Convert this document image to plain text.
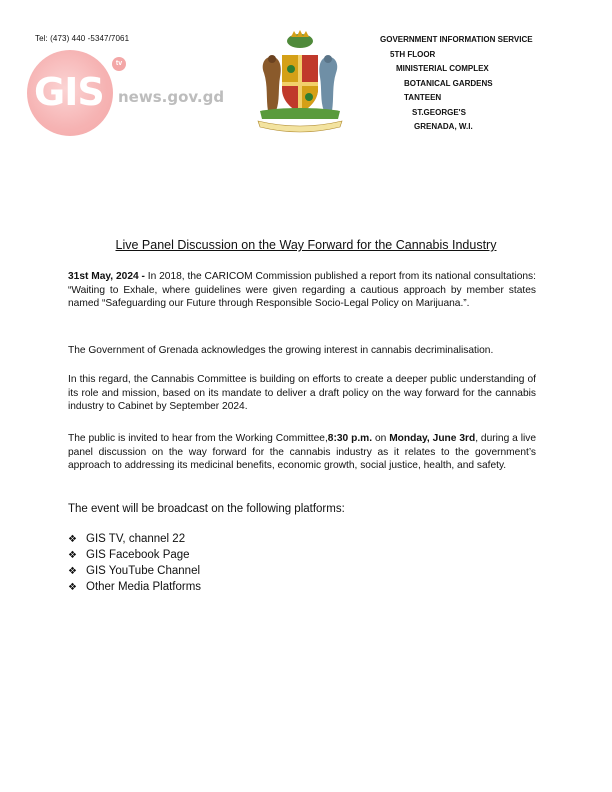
Tel: (473) 440 -5347/7061
GIS
tv
news.gov.gd
GOVERNMENT INFORMATION SERVICE
5TH FLOOR
MINISTERIAL COMPLEX
BOTANICAL GARDENS
TANTEEN
ST.GEORGE'S
GRENADA, W.I.
Live Panel Discussion on the Way Forward for the Cannabis Industry
31st May, 2024 - In 2018, the CARICOM Commission published a report from its national consultations: “Waiting to Exhale, where guidelines were given regarding a cautious approach by member states named “Safeguarding our Future through Responsible Socio-Legal Policy on Marijuana.”.
The Government of Grenada acknowledges the growing interest in cannabis decriminalisation.
In this regard, the Cannabis Committee is building on efforts to create a deeper public understanding of its role and mission, based on its mandate to deliver a draft policy on the way forward for the cannabis industry to Cabinet by September 2024.
The public is invited to hear from the Working Committee,8:30 p.m. on Monday, June 3rd, during a live panel discussion on the way forward for the cannabis industry as it relates to the government’s approach to addressing its medicinal benefits, economic growth, social justice, health, and safety.
The event will be broadcast on the following platforms:
❖ GIS TV, channel 22
❖ GIS Facebook Page
❖ GIS YouTube Channel
❖ Other Media Platforms
